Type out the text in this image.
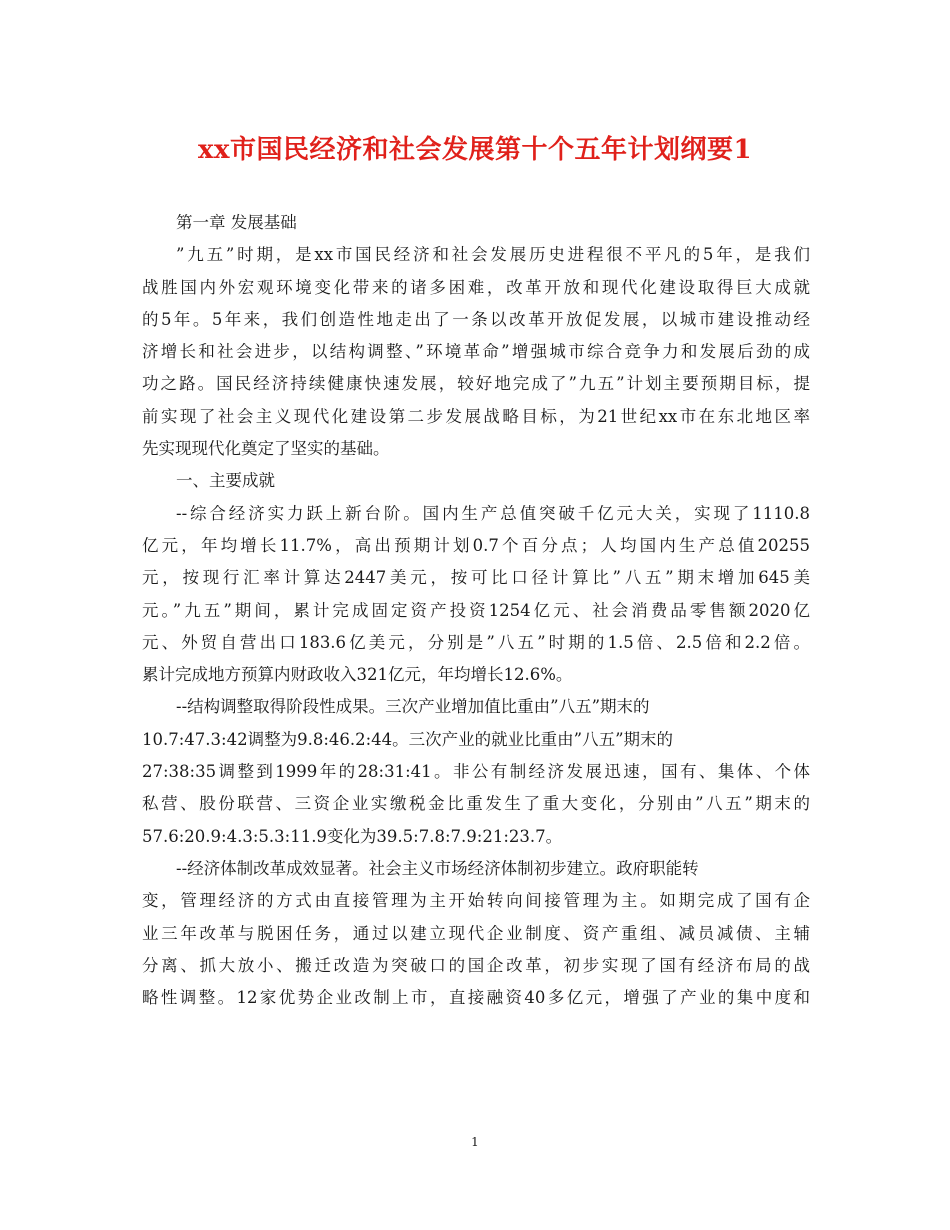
xx市国民经济和社会发展第十个五年计划纲要1
第一章 发展基础
”九五”时期，是xx市国民经济和社会发展历史进程很不平凡的5年，是我们
战胜国内外宏观环境变化带来的诸多困难，改革开放和现代化建设取得巨大成就
的5年。5年来，我们创造性地走出了一条以改革开放促发展，以城市建设推动经
济增长和社会进步，以结构调整、”环境革命”增强城市综合竞争力和发展后劲的成
功之路。国民经济持续健康快速发展，较好地完成了”九五”计划主要预期目标，提
前实现了社会主义现代化建设第二步发展战略目标，为21世纪xx市在东北地区率
先实现现代化奠定了坚实的基础。
一、主要成就
--综合经济实力跃上新台阶。国内生产总值突破千亿元大关，实现了1110.8
亿元，年均增长11.7%，高出预期计划0.7个百分点；人均国内生产总值20255
元，按现行汇率计算达2447美元，按可比口径计算比”八五”期末增加645美
元。”九五”期间，累计完成固定资产投资1254亿元、社会消费品零售额2020亿
元、外贸自营出口183.6亿美元，分别是”八五”时期的1.5倍、2.5倍和2.2倍。
累计完成地方预算内财政收入321亿元，年均增长12.6%。
--结构调整取得阶段性成果。三次产业增加值比重由”八五”期末的
10.7:47.3:42调整为9.8:46.2:44。三次产业的就业比重由”八五”期末的
27:38:35调整到1999年的28:31:41。非公有制经济发展迅速，国有、集体、个体
私营、股份联营、三资企业实缴税金比重发生了重大变化，分别由”八五”期末的
57.6:20.9:4.3:5.3:11.9变化为39.5:7.8:7.9:21:23.7。
--经济体制改革成效显著。社会主义市场经济体制初步建立。政府职能转
变，管理经济的方式由直接管理为主开始转向间接管理为主。如期完成了国有企
业三年改革与脱困任务，通过以建立现代企业制度、资产重组、减员减债、主辅
分离、抓大放小、搬迁改造为突破口的国企改革，初步实现了国有经济布局的战
略性调整。12家优势企业改制上市，直接融资40多亿元，增强了产业的集中度和
1
